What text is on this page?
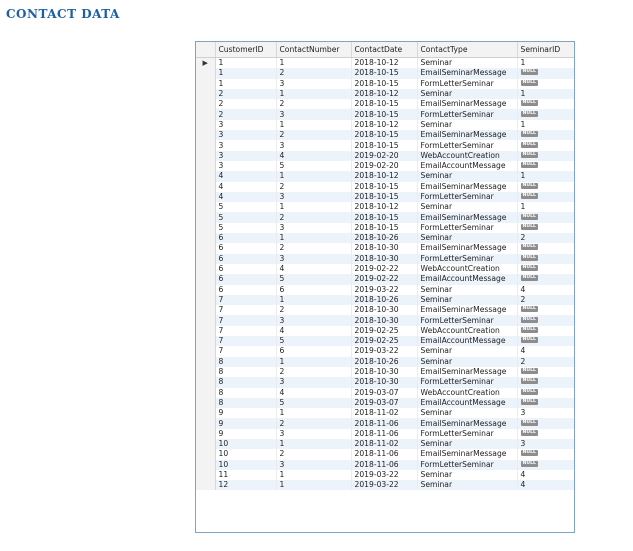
CONTACT DATA
	CustomerID	ContactNumber	ContactDate	ContactType	SeminarID
▶	1	1	2018-10-12	Seminar	1
	1	2	2018-10-15	EmailSeminarMessage	NULL
	1	3	2018-10-15	FormLetterSeminar	NULL
	2	1	2018-10-12	Seminar	1
	2	2	2018-10-15	EmailSeminarMessage	NULL
	2	3	2018-10-15	FormLetterSeminar	NULL
	3	1	2018-10-12	Seminar	1
	3	2	2018-10-15	EmailSeminarMessage	NULL
	3	3	2018-10-15	FormLetterSeminar	NULL
	3	4	2019-02-20	WebAccountCreation	NULL
	3	5	2019-02-20	EmailAccountMessage	NULL
	4	1	2018-10-12	Seminar	1
	4	2	2018-10-15	EmailSeminarMessage	NULL
	4	3	2018-10-15	FormLetterSeminar	NULL
	5	1	2018-10-12	Seminar	1
	5	2	2018-10-15	EmailSeminarMessage	NULL
	5	3	2018-10-15	FormLetterSeminar	NULL
	6	1	2018-10-26	Seminar	2
	6	2	2018-10-30	EmailSeminarMessage	NULL
	6	3	2018-10-30	FormLetterSeminar	NULL
	6	4	2019-02-22	WebAccountCreation	NULL
	6	5	2019-02-22	EmailAccountMessage	NULL
	6	6	2019-03-22	Seminar	4
	7	1	2018-10-26	Seminar	2
	7	2	2018-10-30	EmailSeminarMessage	NULL
	7	3	2018-10-30	FormLetterSeminar	NULL
	7	4	2019-02-25	WebAccountCreation	NULL
	7	5	2019-02-25	EmailAccountMessage	NULL
	7	6	2019-03-22	Seminar	4
	8	1	2018-10-26	Seminar	2
	8	2	2018-10-30	EmailSeminarMessage	NULL
	8	3	2018-10-30	FormLetterSeminar	NULL
	8	4	2019-03-07	WebAccountCreation	NULL
	8	5	2019-03-07	EmailAccountMessage	NULL
	9	1	2018-11-02	Seminar	3
	9	2	2018-11-06	EmailSeminarMessage	NULL
	9	3	2018-11-06	FormLetterSeminar	NULL
	10	1	2018-11-02	Seminar	3
	10	2	2018-11-06	EmailSeminarMessage	NULL
	10	3	2018-11-06	FormLetterSeminar	NULL
	11	1	2019-03-22	Seminar	4
	12	1	2019-03-22	Seminar	4
